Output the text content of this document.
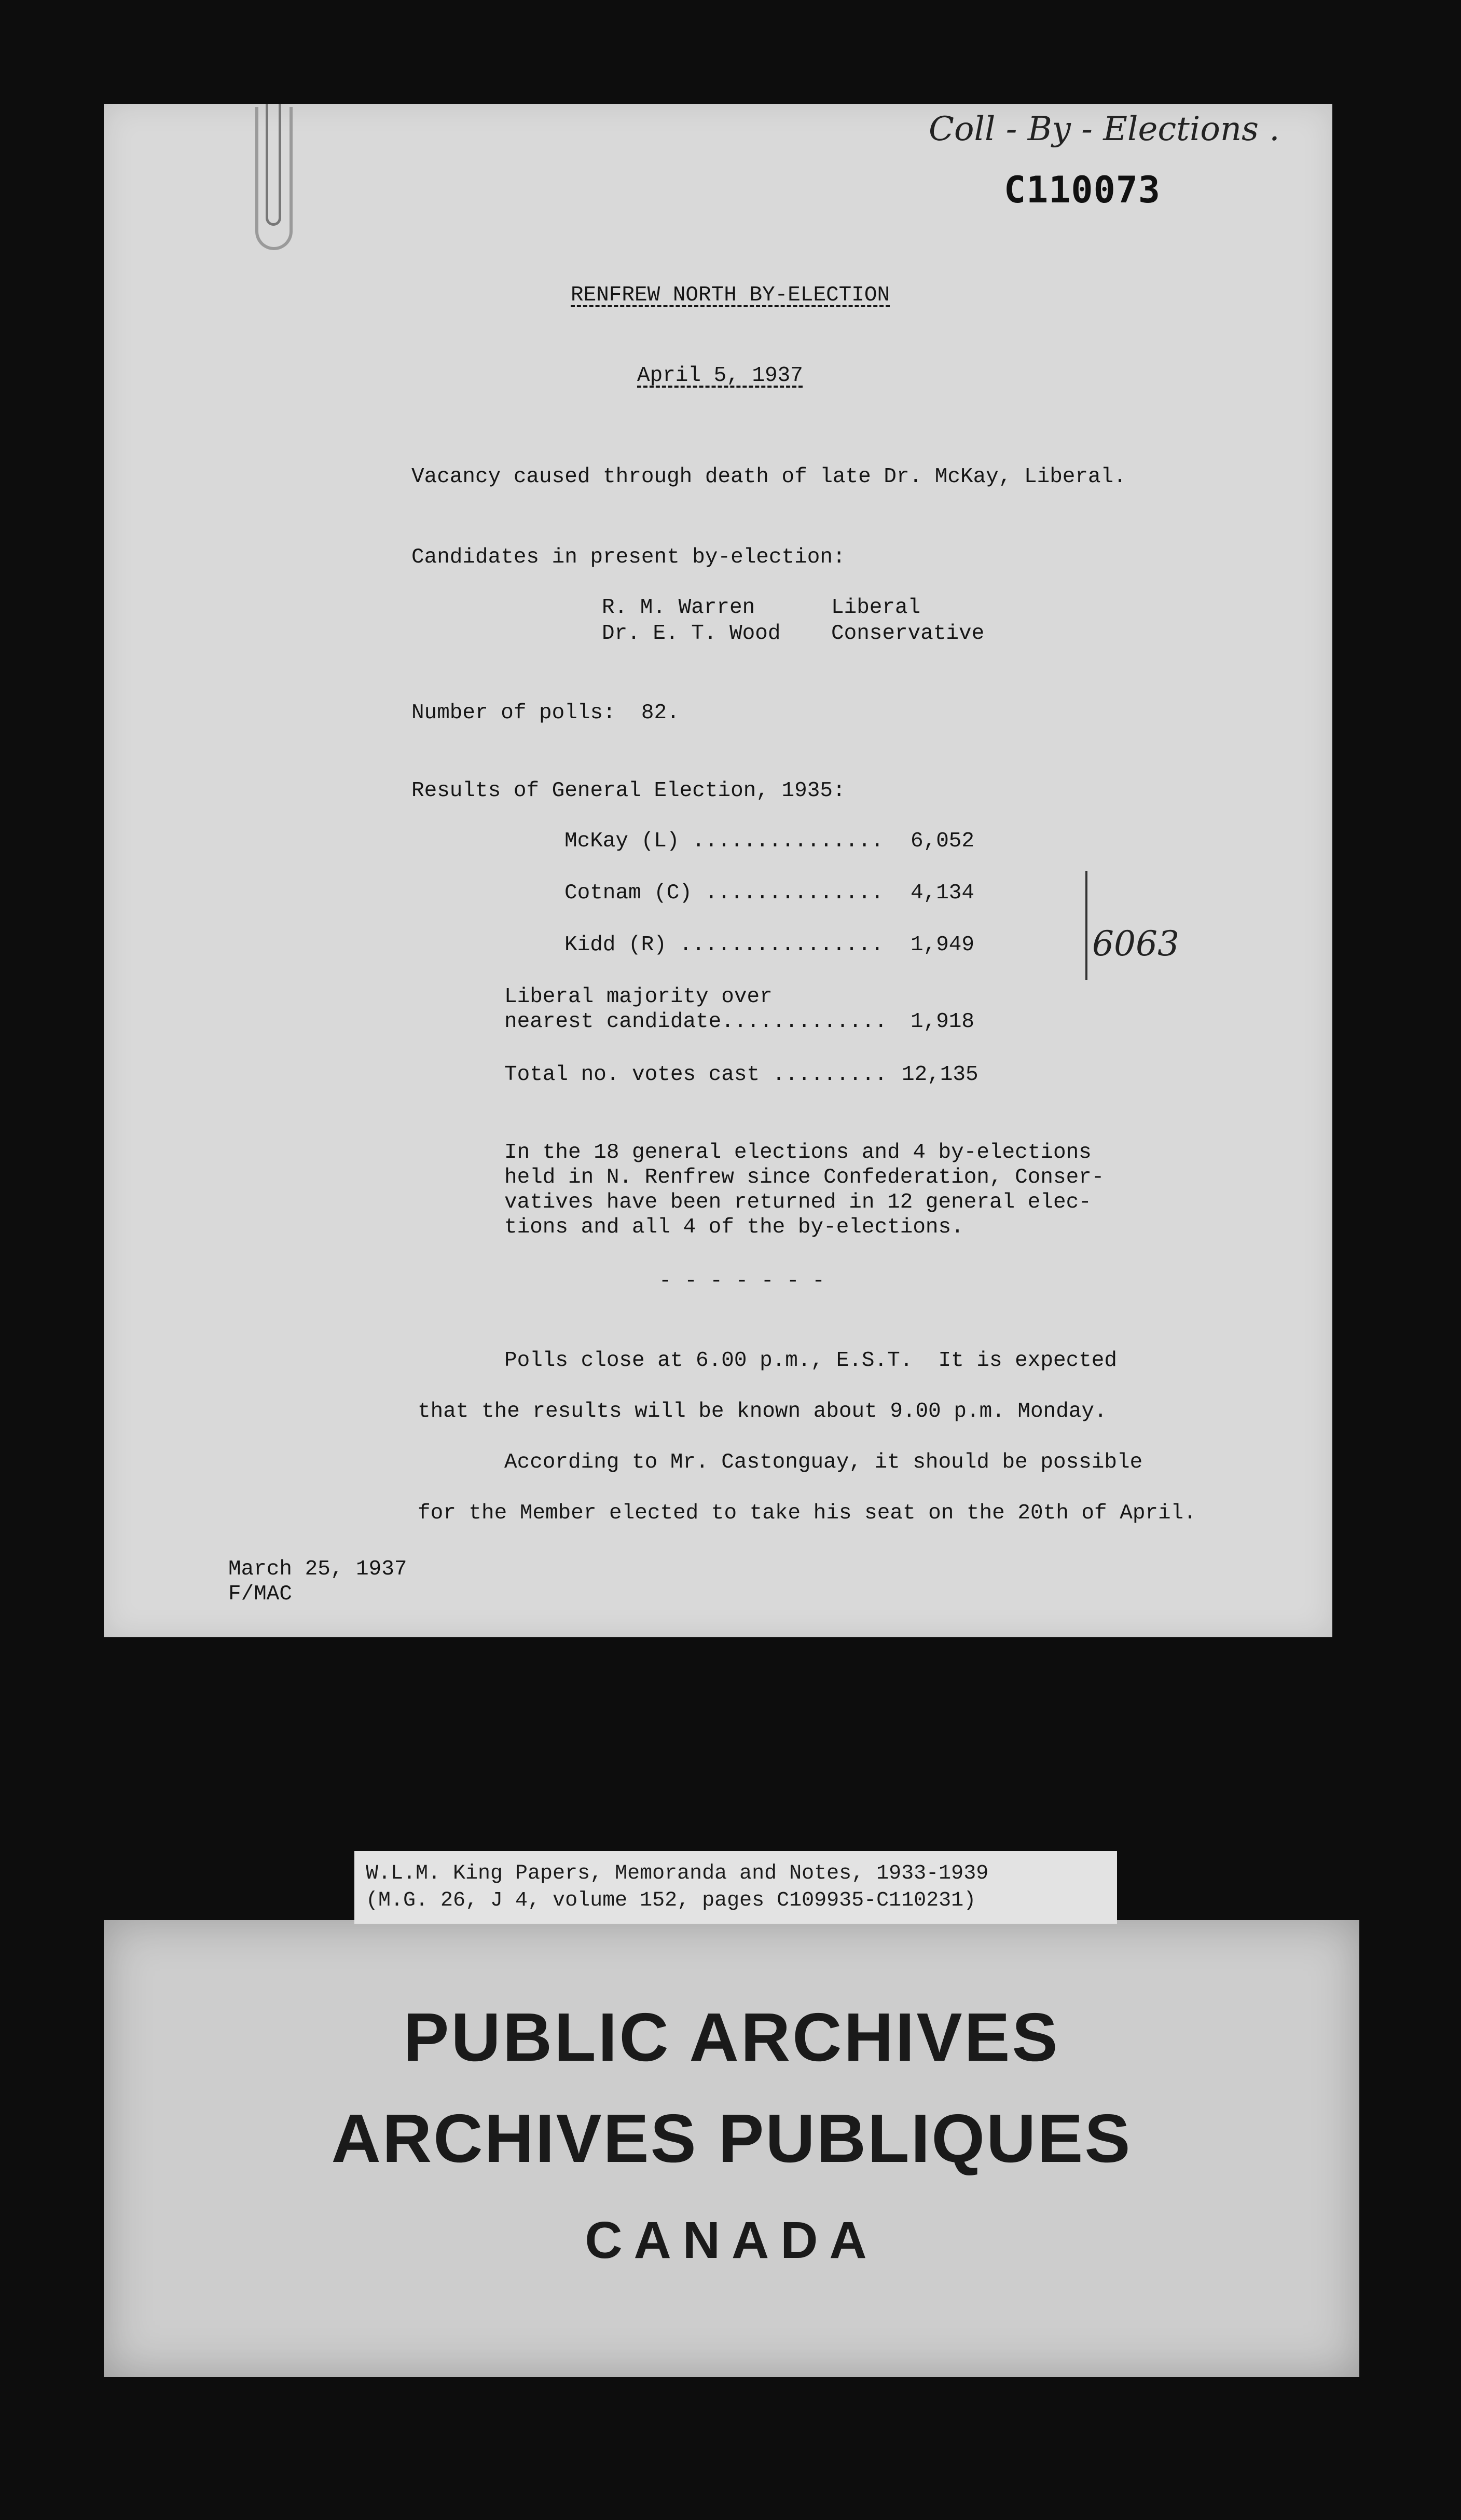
Coll - By - Elections .
C110073
RENFREW NORTH BY-ELECTION
April 5, 1937
Vacancy caused through death of late Dr. McKay, Liberal.
Candidates in present by-election:
R. M. Warren	Liberal
Dr. E. T. Wood Conservative
Number of polls:  82.
Results of General Election, 1935:
McKay (L) ............... 6,052
Cotnam (C) .............. 4,134
Kidd (R) ................ 1,949	6063
Liberal majority over
nearest candidate............. 1,918
Total no. votes cast ......... 12,135
In the 18 general elections and 4 by-elections
held in N. Renfrew since Confederation, Conser-
vatives have been returned in 12 general elec-
tions and all 4 of the by-elections.
- - - - - - -
Polls close at 6.00 p.m., E.S.T.  It is expected
that the results will be known about 9.00 p.m. Monday.
According to Mr. Castonguay, it should be possible
for the Member elected to take his seat on the 20th of April.
March 25, 1937
F/MAC
PUBLIC ARCHIVES
ARCHIVES PUBLIQUES
CANADA
W.L.M. King Papers, Memoranda and Notes, 1933-1939
(M.G. 26, J 4, volume 152, pages C109935-C110231)
